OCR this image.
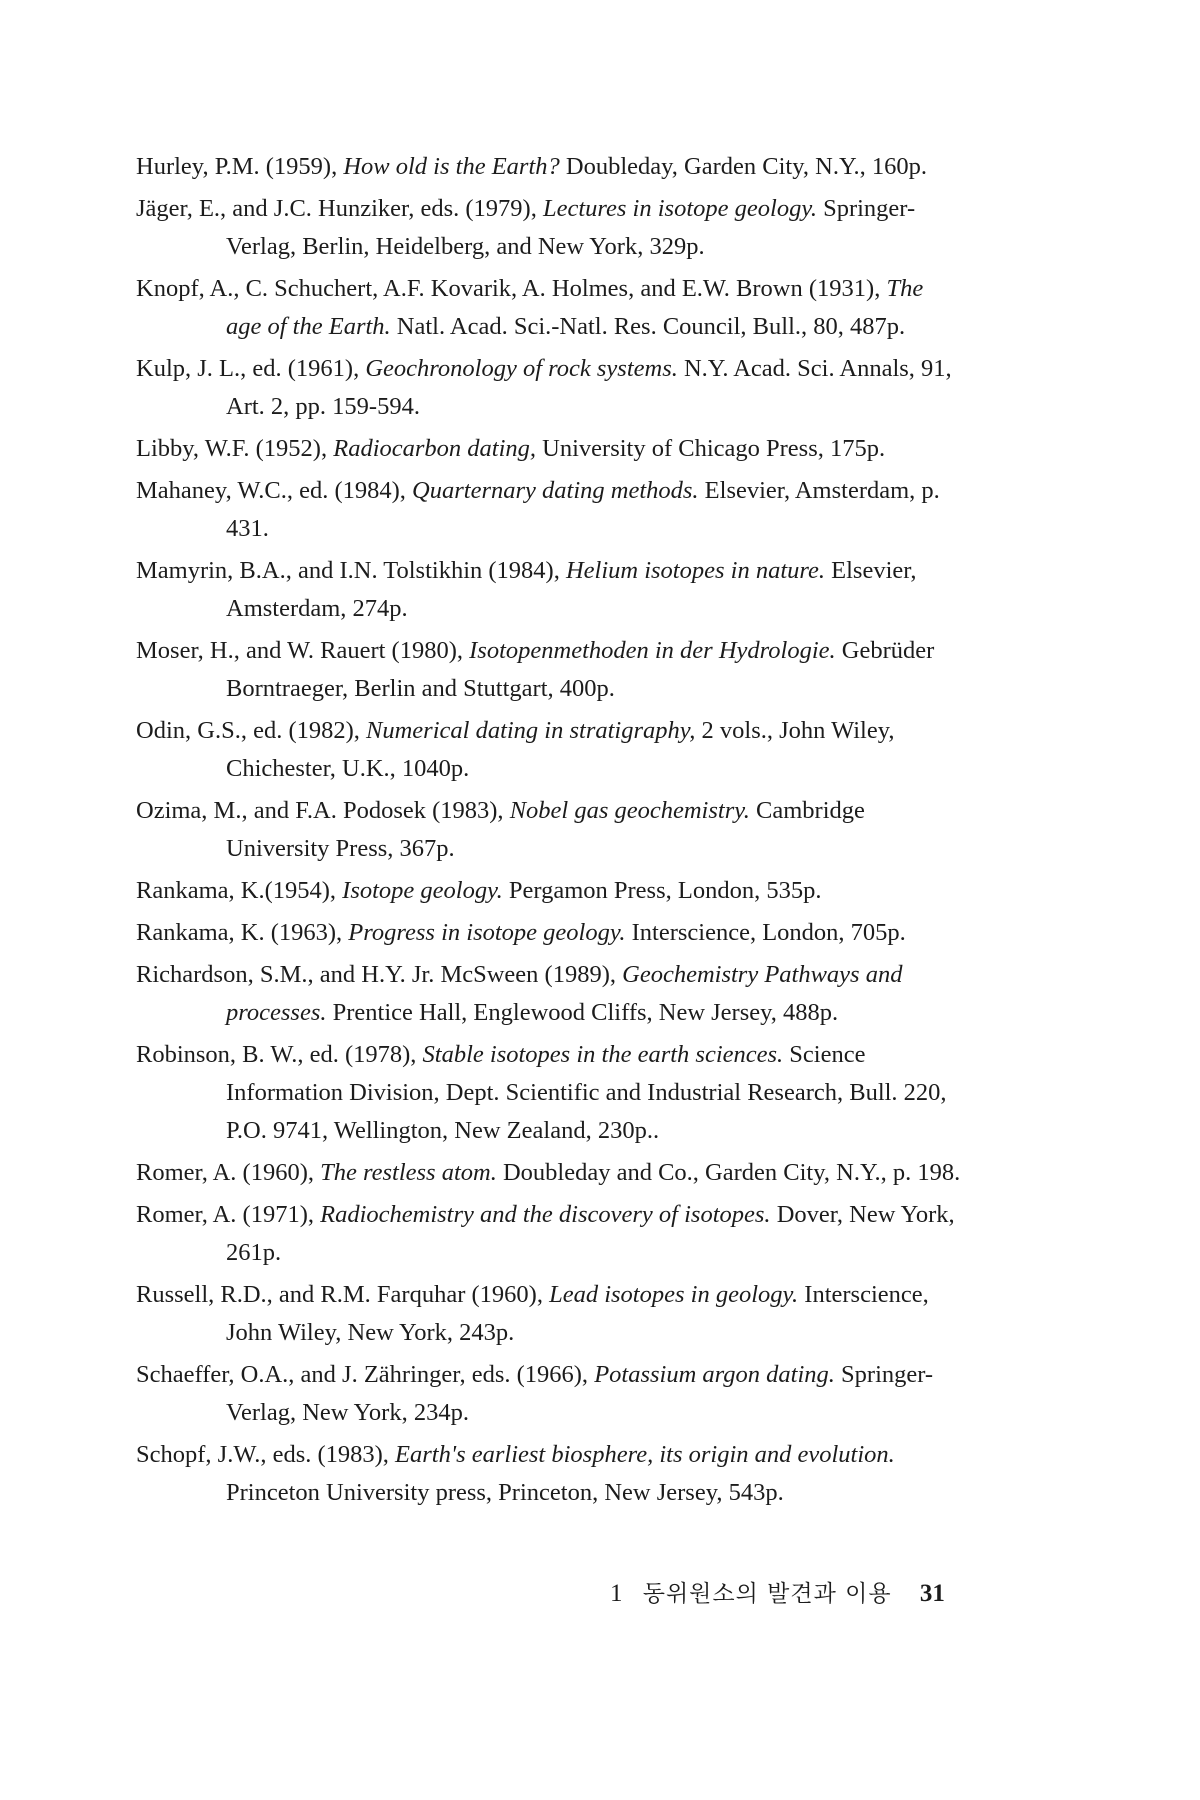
Hurley, P.M. (1959), How old is the Earth? Doubleday, Garden City, N.Y., 160p.
Jäger, E., and J.C. Hunziker, eds. (1979), Lectures in isotope geology. Springer-Verlag, Berlin, Heidelberg, and New York, 329p.
Knopf, A., C. Schuchert, A.F. Kovarik, A. Holmes, and E.W. Brown (1931), The age of the Earth. Natl. Acad. Sci.-Natl. Res. Council, Bull., 80, 487p.
Kulp, J. L., ed. (1961), Geochronology of rock systems. N.Y. Acad. Sci. Annals, 91, Art. 2, pp. 159-594.
Libby, W.F. (1952), Radiocarbon dating, University of Chicago Press, 175p.
Mahaney, W.C., ed. (1984), Quarternary dating methods. Elsevier, Amsterdam, p. 431.
Mamyrin, B.A., and I.N. Tolstikhin (1984), Helium isotopes in nature. Elsevier, Amsterdam, 274p.
Moser, H., and W. Rauert (1980), Isotopenmethoden in der Hydrologie. Gebrüder Borntraeger, Berlin and Stuttgart, 400p.
Odin, G.S., ed. (1982), Numerical dating in stratigraphy, 2 vols., John Wiley, Chichester, U.K., 1040p.
Ozima, M., and F.A. Podosek (1983), Nobel gas geochemistry. Cambridge University Press, 367p.
Rankama, K.(1954), Isotope geology. Pergamon Press, London, 535p.
Rankama, K. (1963), Progress in isotope geology. Interscience, London, 705p.
Richardson, S.M., and H.Y. Jr. McSween (1989), Geochemistry Pathways and processes. Prentice Hall, Englewood Cliffs, New Jersey, 488p.
Robinson, B. W., ed. (1978), Stable isotopes in the earth sciences. Science Information Division, Dept. Scientific and Industrial Research, Bull. 220, P.O. 9741, Wellington, New Zealand, 230p..
Romer, A. (1960), The restless atom. Doubleday and Co., Garden City, N.Y., p. 198.
Romer, A. (1971), Radiochemistry and the discovery of isotopes. Dover, New York, 261p.
Russell, R.D., and R.M. Farquhar (1960), Lead isotopes in geology. Interscience, John Wiley, New York, 243p.
Schaeffer, O.A., and J. Zähringer, eds. (1966), Potassium argon dating. Springer-Verlag, New York, 234p.
Schopf, J.W., eds. (1983), Earth's earliest biosphere, its origin and evolution. Princeton University press, Princeton, New Jersey, 543p.
1 동위원소의 발견과 이용 31
